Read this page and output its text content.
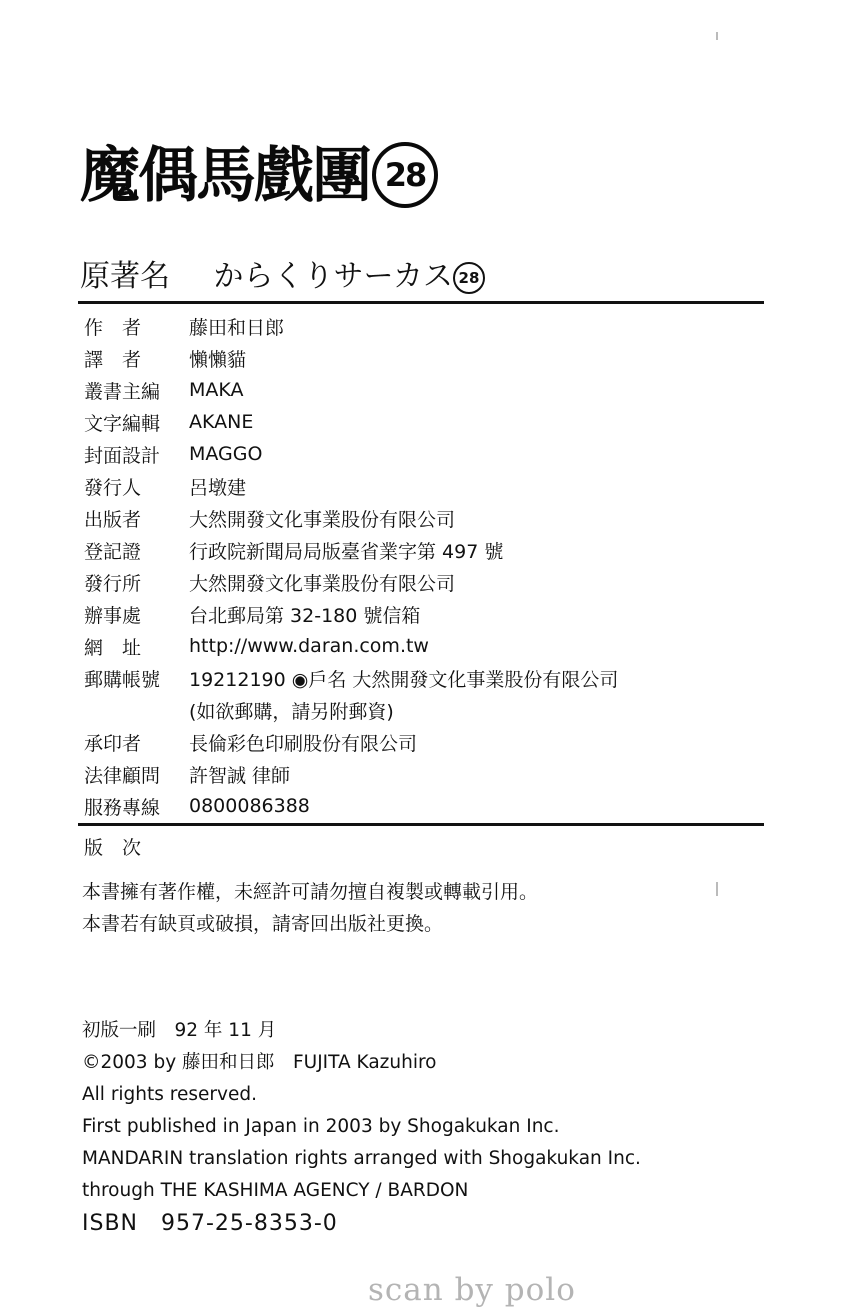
魔偶馬戲團 28
原著名 からくりサーカス 28
作　者	藤田和日郎
譯　者	懶懶貓
叢書主編	MAKA
文字編輯	AKANE
封面設計	MAGGO
發行人	呂墩建
出版者	大然開發文化事業股份有限公司
登記證	行政院新聞局局版臺省業字第 497 號
發行所	大然開發文化事業股份有限公司
辦事處	台北郵局第 32-180 號信箱
網　址	http://www.daran.com.tw
郵購帳號	19212190 ◉戶名 大然開發文化事業股份有限公司
(如欲郵購，請另附郵資)
承印者	長倫彩色印刷股份有限公司
法律顧問	許智誠 律師
服務專線	0800086388
版　次
本書擁有著作權，未經許可請勿擅自複製或轉載引用。
本書若有缺頁或破損，請寄回出版社更換。
初版一刷　92 年 11 月
©2003 by 藤田和日郎　FUJITA Kazuhiro
All rights reserved.
First published in Japan in 2003 by Shogakukan Inc.
MANDARIN translation rights arranged with Shogakukan Inc.
through THE KASHIMA AGENCY / BARDON
ISBN　957-25-8353-0
scan by polo
